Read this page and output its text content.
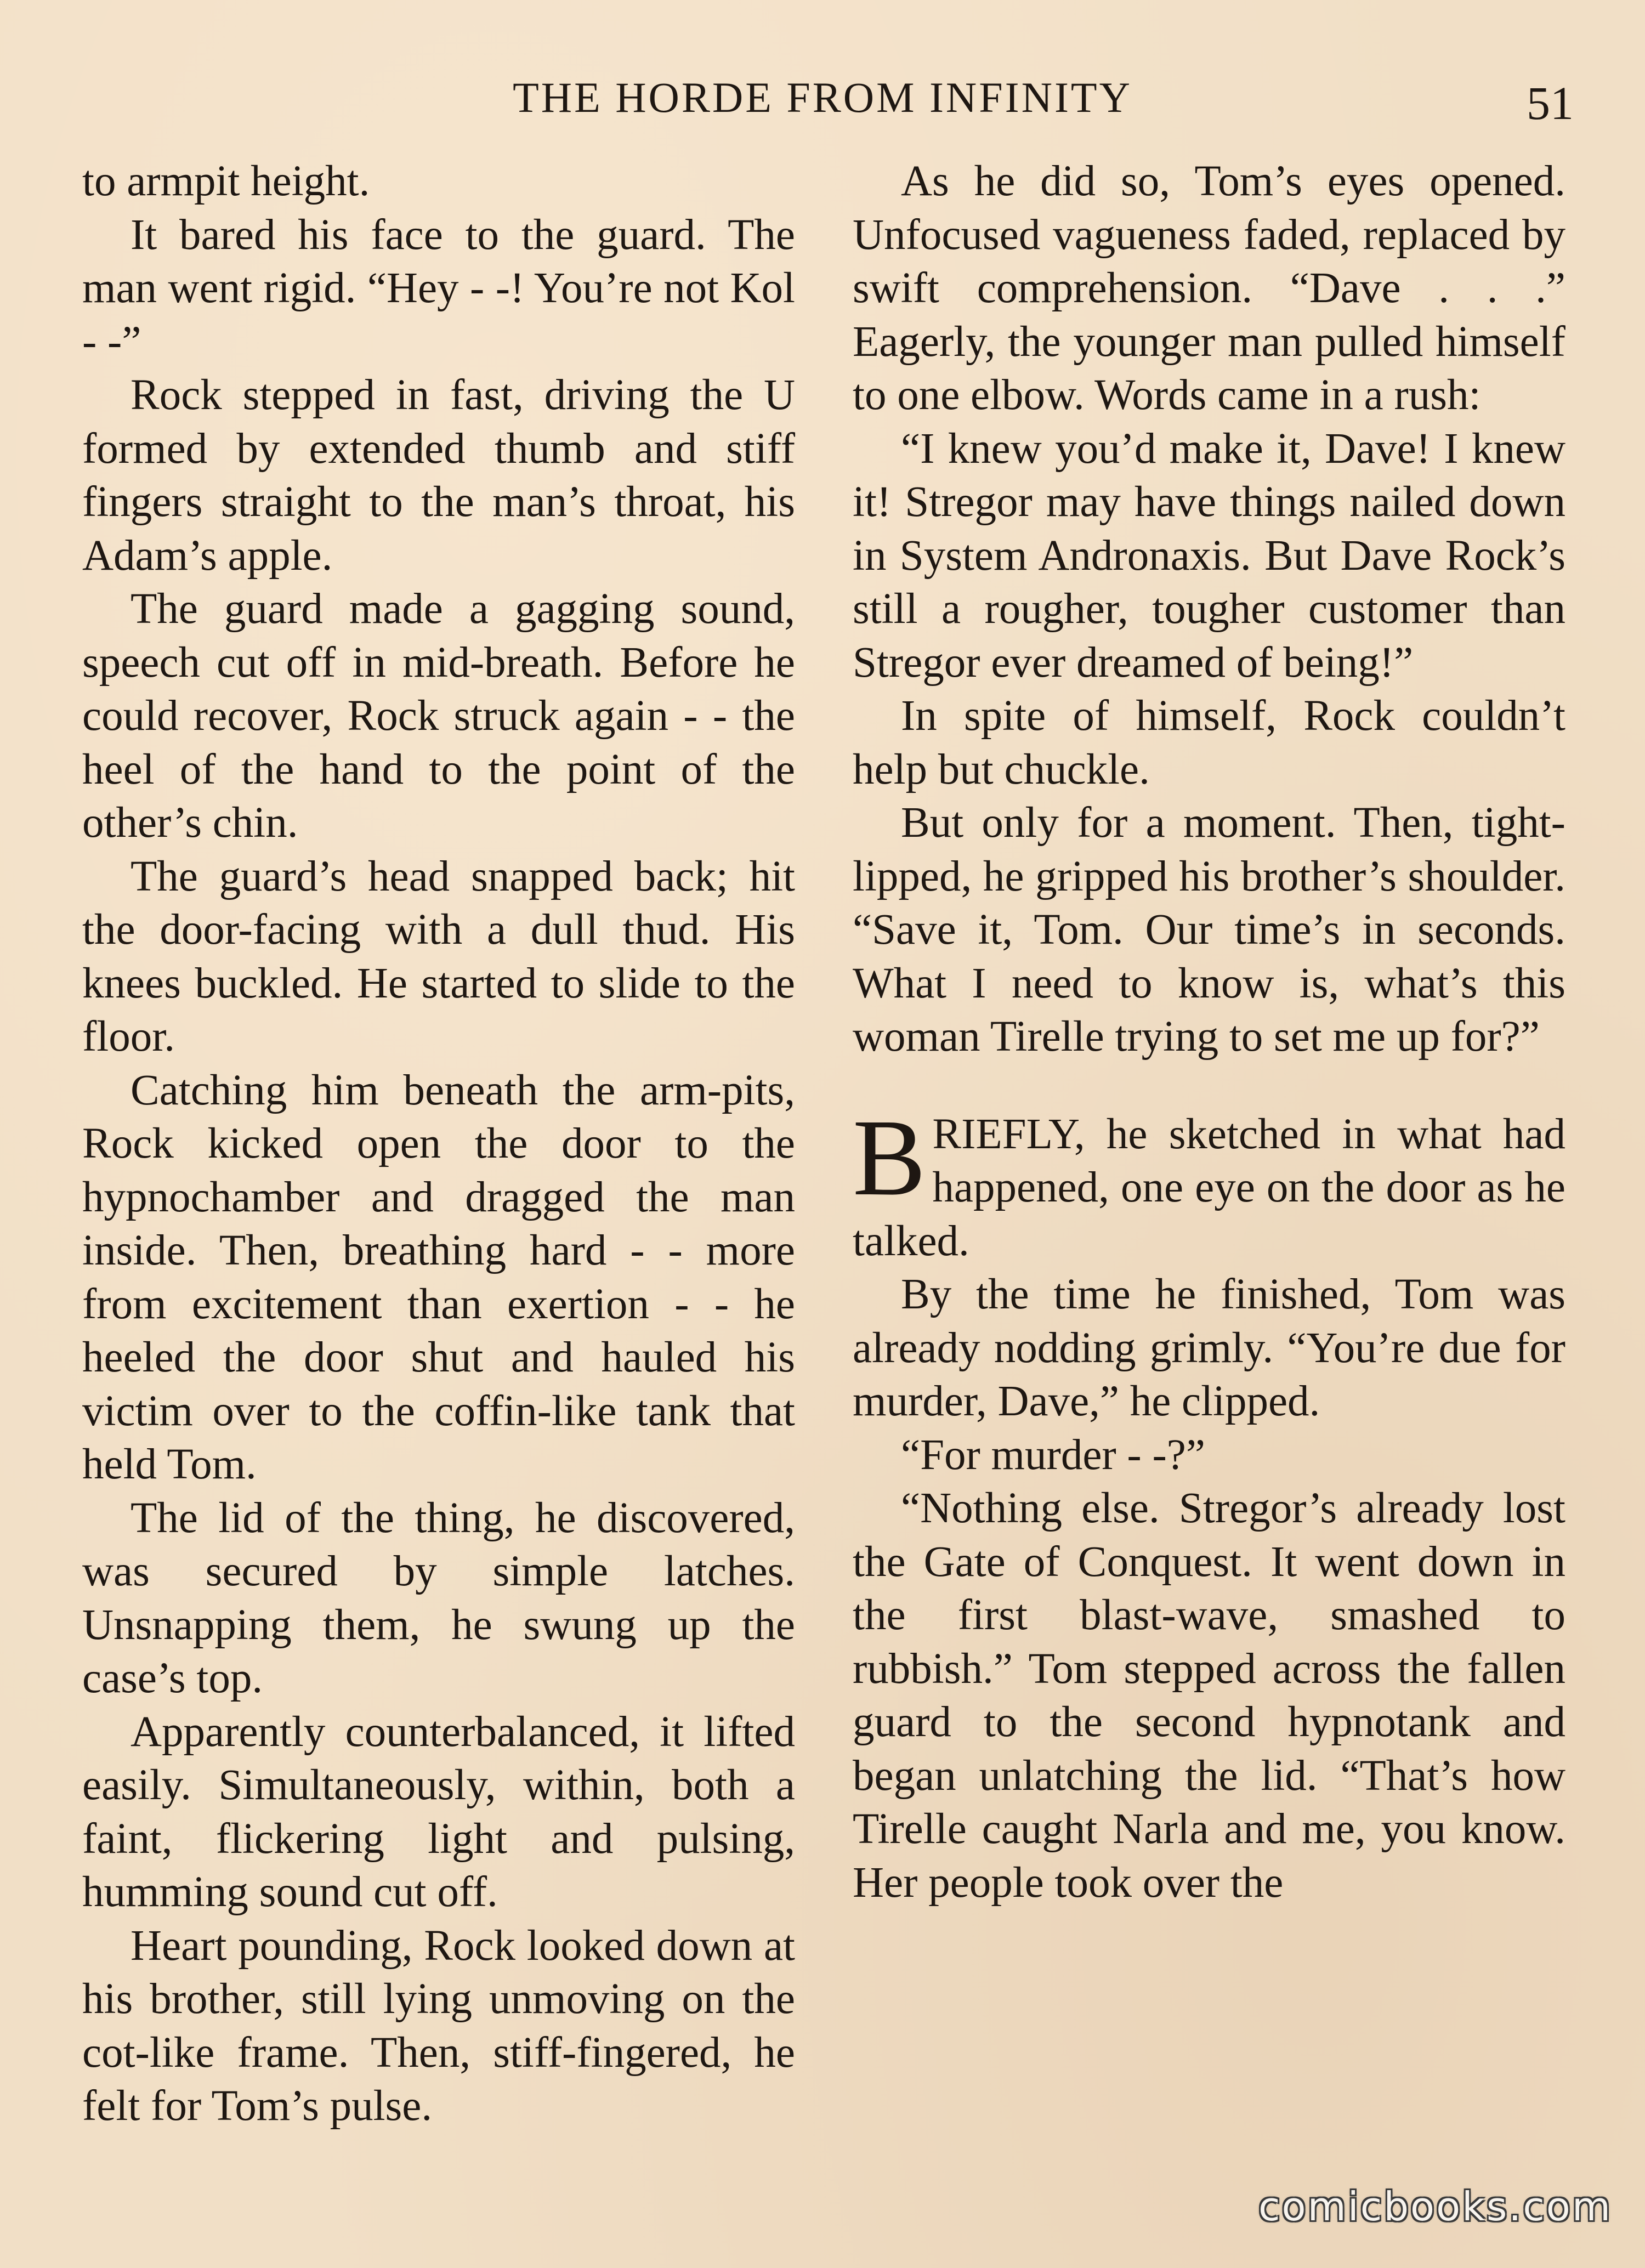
THE HORDE FROM INFINITY	51

to armpit height.

It bared his face to the guard. The man went rigid. “Hey - -! You’re not Kol - -”

Rock stepped in fast, driving the U formed by extended thumb and stiff fingers straight to the man’s throat, his Adam’s apple.

The guard made a gagging sound, speech cut off in mid-breath. Before he could recover, Rock struck again - - the heel of the hand to the point of the other’s chin.

The guard’s head snapped back; hit the door-facing with a dull thud. His knees buckled. He started to slide to the floor.

Catching him beneath the arm-pits, Rock kicked open the door to the hypnochamber and dragged the man inside. Then, breathing hard - - more from excitement than exertion - - he heeled the door shut and hauled his victim over to the coffin-like tank that held Tom.

The lid of the thing, he discovered, was secured by simple latches. Unsnapping them, he swung up the case’s top.

Apparently counterbalanced, it lifted easily. Simultaneously, within, both a faint, flickering light and pulsing, humming sound cut off.

Heart pounding, Rock looked down at his brother, still lying unmoving on the cot-like frame. Then, stiff-fingered, he felt for Tom’s pulse.

As he did so, Tom’s eyes opened. Unfocused vagueness faded, replaced by swift comprehension. “Dave . . .” Eagerly, the younger man pulled himself to one elbow. Words came in a rush:

“I knew you’d make it, Dave! I knew it! Stregor may have things nailed down in System Andronaxis. But Dave Rock’s still a rougher, tougher customer than Stregor ever dreamed of being!”

In spite of himself, Rock couldn’t help but chuckle.

But only for a moment. Then, tight-lipped, he gripped his brother’s shoulder. “Save it, Tom. Our time’s in seconds. What I need to know is, what’s this woman Tirelle trying to set me up for?”

BRIEFLY, he sketched in what had happened, one eye on the door as he talked.

By the time he finished, Tom was already nodding grimly. “You’re due for murder, Dave,” he clipped.

“For murder - -?”

“Nothing else. Stregor’s already lost the Gate of Conquest. It went down in the first blast-wave, smashed to rubbish.” Tom stepped across the fallen guard to the second hypnotank and began unlatching the lid. “That’s how Tirelle caught Narla and me, you know. Her people took over the

comicbooks.com
